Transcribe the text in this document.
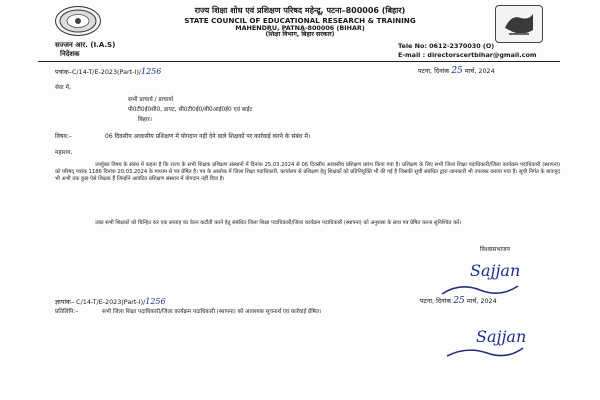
राज्य शिक्षा शोध एवं प्रशिक्षण परिषद महेन्द्रू, पटना–800006 (बिहार)
STATE COUNCIL OF EDUCATIONAL RESEARCH & TRAINING
MAHENDRU, PATNA-800006 (BIHAR)
(शिक्षा विभाग, बिहार सरकार)
सज्जन आर. (I.A.S)
निदेशक
Tele No: 0612-2370030 (O)
E-mail : directorscertbihar@gmail.com
पत्रांक–C/14-T/E-2023(Part-I)/1256	पटना, दिनांक 25 मार्च, 2024
सेवा में,
सभी प्राचार्य / प्राचार्या
पी0टी0ई0सी0, डायट, सी0टी0ई0/बी0आई0ई0 एवं बाईट
बिहार।
विषय:–	06 दिवसीय आवासीय प्रशिक्षण में योगदान नहीं देने वाले शिक्षकों पर कार्रवाई करने के संबंध में।
महाशय,
उपर्युक्त विषय के संबंध में कहना है कि राज्य के सभी शिक्षक प्रशिक्षण संस्थानों में दिनांक 25.03.2024 से 06 दिवसीय आवासीय प्रशिक्षण प्रारंभ किया गया है। प्रशिक्षण के लिए सभी जिला शिक्षा पदाधिकारी/जिला कार्यक्रम पदाधिकारी (स्थापना) को परिषद् पत्रांक 1186 दिनांक 20.03.2024 के माध्यम से पत्र प्रेषित है। पत्र के आलोक में जिला शिक्षा पदाधिकारी, कार्यालय से प्रशिक्षण हेतु शिक्षकों को प्रतिनियुक्ति भी की गई है जिसकी सूची संबंधित द्वारा जानकारी भी उपलब्ध कराया गया है। सूची निर्गत के बावजूद भी अभी तक कुछ ऐसे शिक्षक हैं जिन्होंने आवंटित प्रशिक्षण संस्थान में योगदान नहीं दिया है।
उक्त सभी शिक्षकों को चिन्हित कर एक सप्ताह का वेतन कटौती करने हेतु संबंधित जिला शिक्षा पदाधिकारी/जिला कार्यक्रम पदाधिकारी (स्थापना) को अनुशंसा के साथ पत्र प्रेषित करना सुनिश्चित करें।
विश्वासभाजन
Sajjan
ज्ञापांक– C/14-T/E-2023(Part-I)/1256	पटना, दिनांक 25 मार्च, 2024
प्रतिलिपि:–	सभी जिला शिक्षा पदाधिकारी/जिला कार्यक्रम पदाधिकारी (स्थापना) को आवश्यक सूचनार्थ एवं कार्रवाई प्रेषित।
Sajjan
